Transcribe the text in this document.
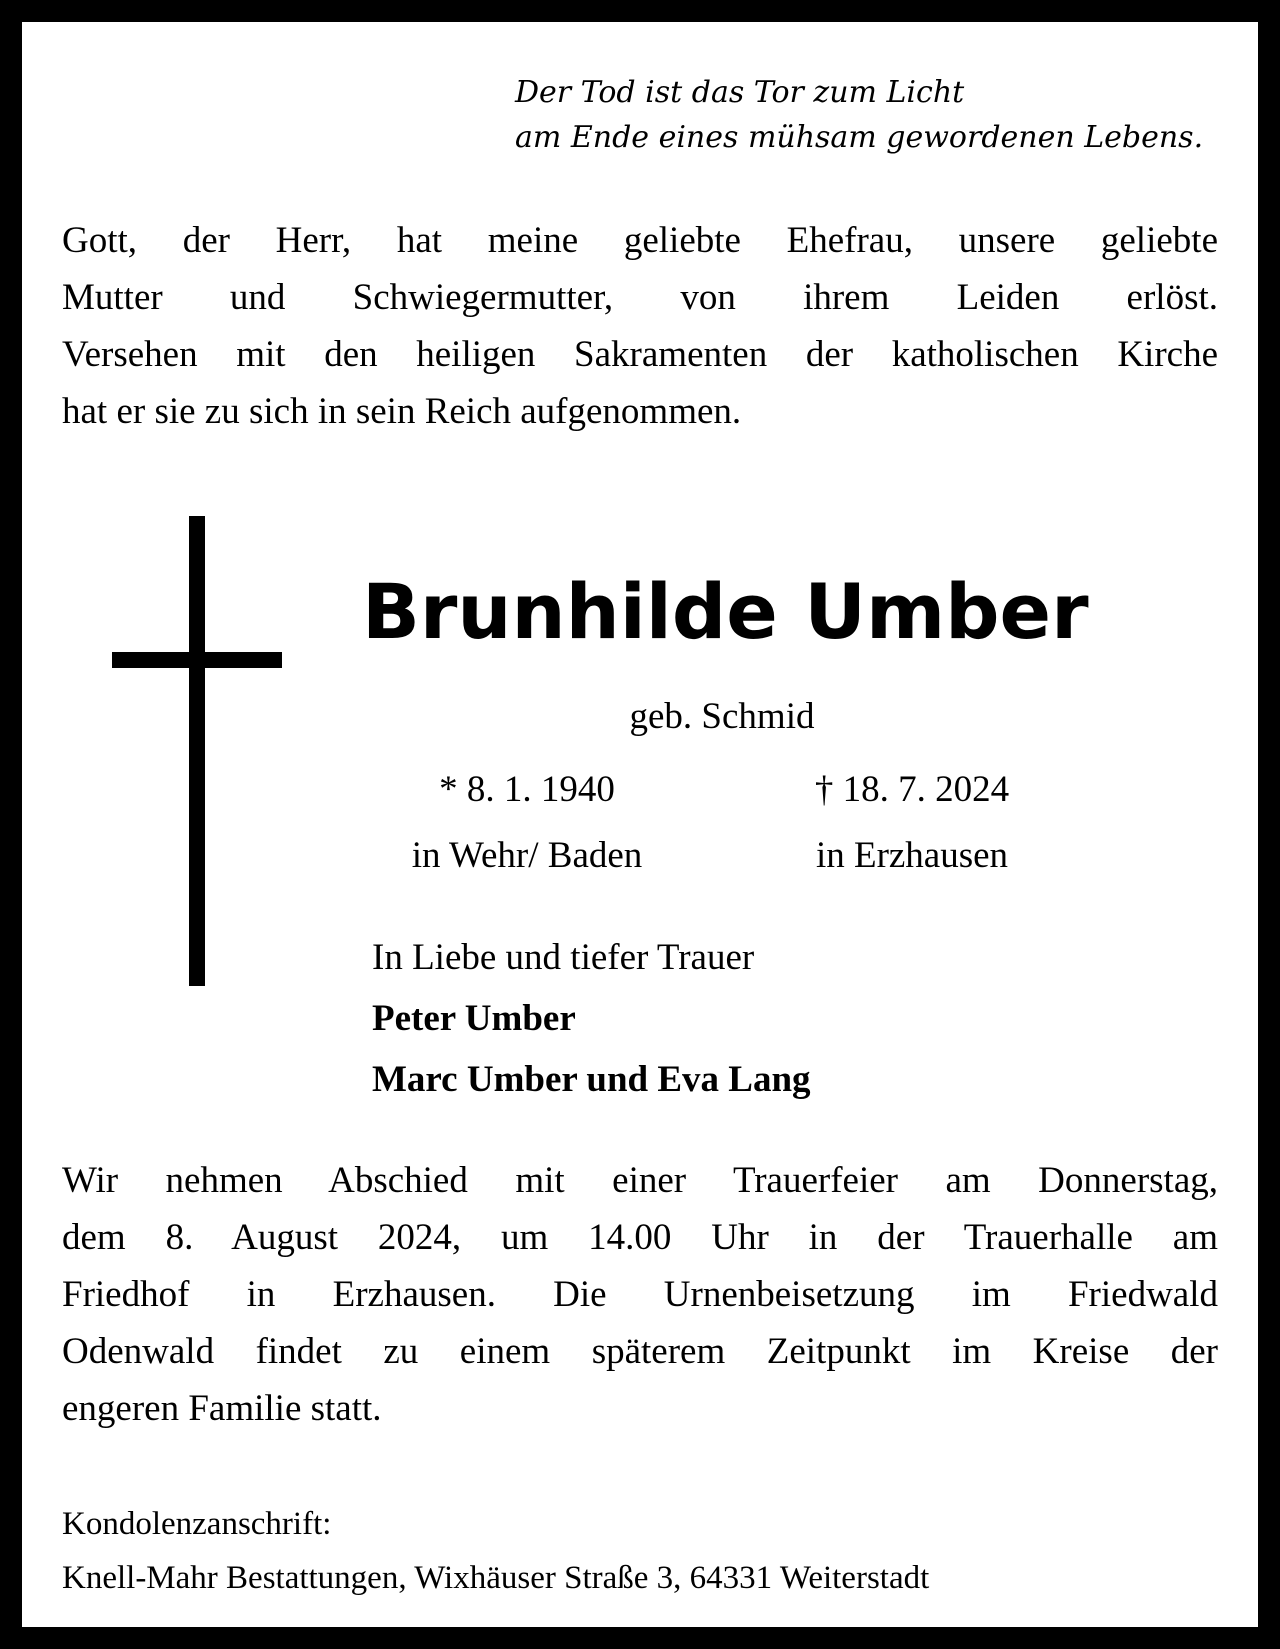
Der Tod ist das Tor zum Licht
am Ende eines mühsam gewordenen Lebens.

Gott, der Herr, hat meine geliebte Ehefrau, unsere geliebte
Mutter und Schwiegermutter, von ihrem Leiden erlöst.
Versehen mit den heiligen Sakramenten der katholischen Kirche
hat er sie zu sich in sein Reich aufgenommen.

Brunhilde Umber

geb. Schmid

* 8. 1. 1940
in Wehr/ Baden
† 18. 7. 2024
in Erzhausen
In Liebe und tiefer Trauer
Peter Umber
Marc Umber und Eva Lang

Wir nehmen Abschied mit einer Trauerfeier am Donnerstag,
dem 8. August 2024, um 14.00 Uhr in der Trauerhalle am
Friedhof in Erzhausen. Die Urnenbeisetzung im Friedwald
Odenwald findet zu einem späterem Zeitpunkt im Kreise der
engeren Familie statt.

Kondolenzanschrift:
Knell-Mahr Bestattungen, Wixhäuser Straße 3, 64331 Weiterstadt
